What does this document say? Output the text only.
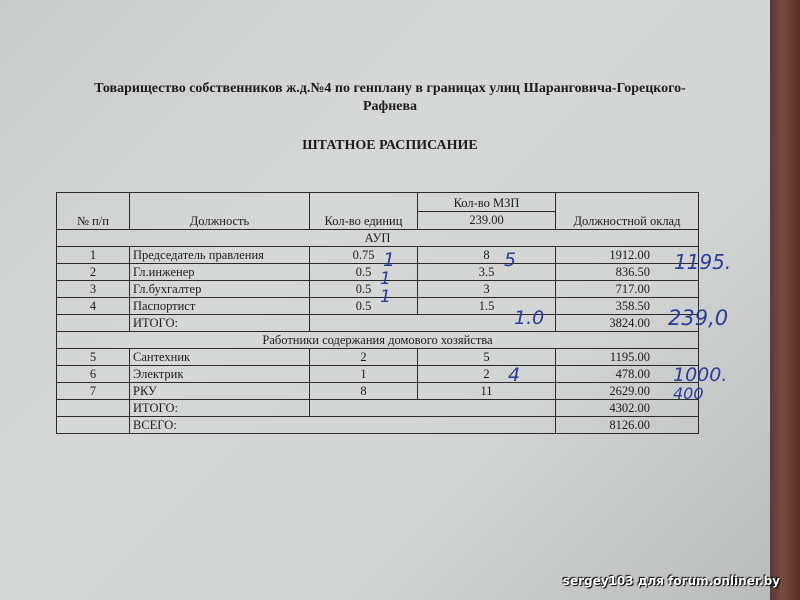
Товарищество собственников ж.д.№4 по генплану в границах улиц Шаранговича-Горецкого-
Рафнева
ШТАТНОЕ РАСПИСАНИЕ
№ п/п	Должность	Кол-во единиц	Кол-во МЗП	Должностной оклад
			239.00	
АУП				
1	Председатель правления	0.75	8	1912.00
2	Гл.инженер	0.5	3.5	836.50
3	Гл.бухгалтер	0.5	3	717.00
4	Паспортист	0.5	1.5	358.50
	ИТОГО:			3824.00
Работники содержания домового хозяйства				
5	Сантехник	2	5	1195.00
6	Электрик	1	2	478.00
7	РКУ	8	11	2629.00
	ИТОГО:			4302.00
	ВСЕГО:			8126.00
1	5	1195.
1
1
1.0	239,0
4	1000.
400
sergey103 для forum.onliner.by
